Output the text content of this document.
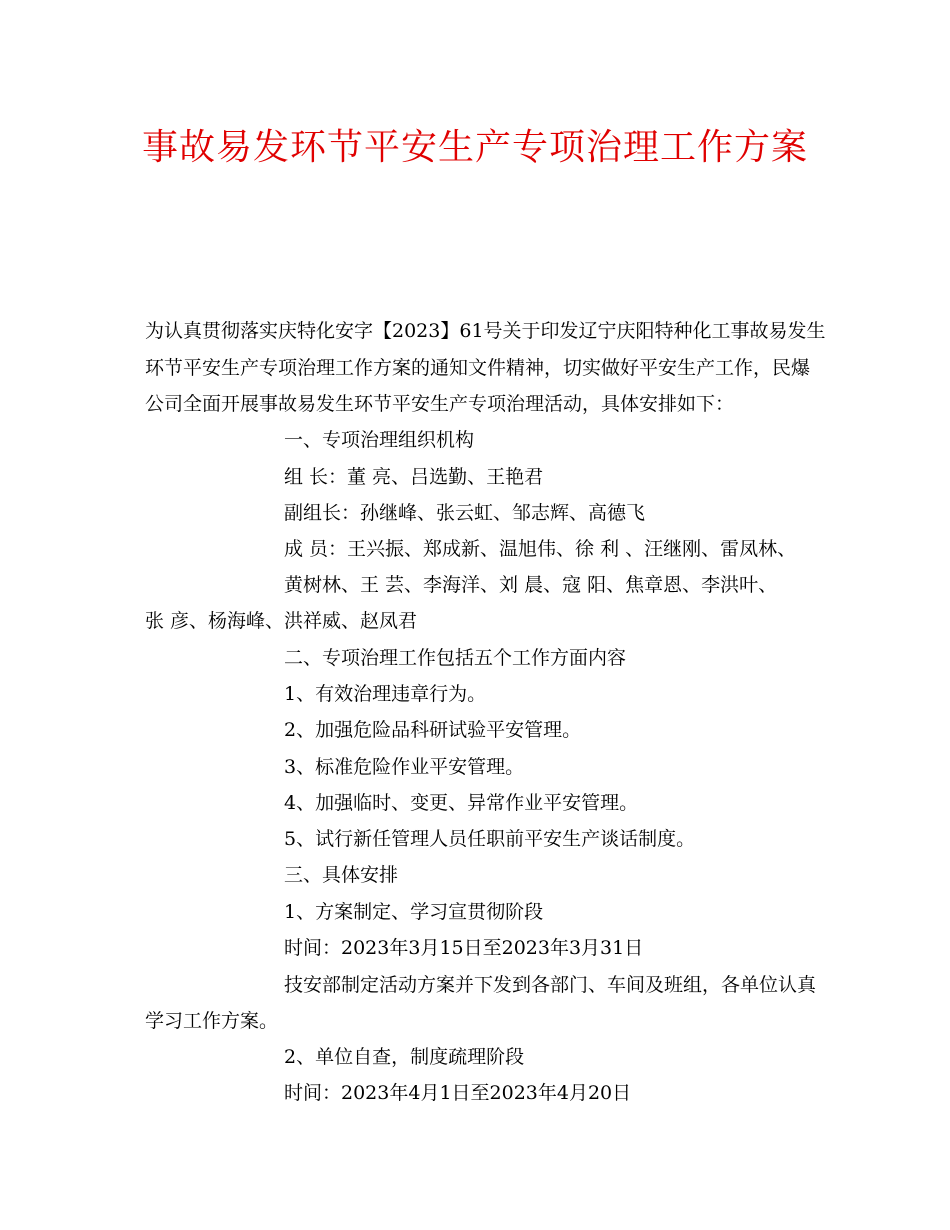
事故易发环节平安生产专项治理工作方案

为认真贯彻落实庆特化安字【2023】61号关于印发辽宁庆阳特种化工事故易发生

环节平安生产专项治理工作方案的通知文件精神，切实做好平安生产工作，民爆

公司全面开展事故易发生环节平安生产专项治理活动，具体安排如下：

一、专项治理组织机构

组 长：董 亮、吕选勤、王艳君

副组长：孙继峰、张云虹、邹志辉、高德飞

成 员：王兴振、郑成新、温旭伟、徐 利 、汪继刚、雷凤林、

黄树林、王 芸、李海洋、刘 晨、寇 阳、焦章恩、李洪叶、

张 彦、杨海峰、洪祥威、赵凤君

二、专项治理工作包括五个工作方面内容

1、有效治理违章行为。

2、加强危险品科研试验平安管理。

3、标准危险作业平安管理。

4、加强临时、变更、异常作业平安管理。

5、试行新任管理人员任职前平安生产谈话制度。

三、具体安排

1、方案制定、学习宣贯彻阶段

时间：2023年3月15日至2023年3月31日

技安部制定活动方案并下发到各部门、车间及班组，各单位认真

学习工作方案。

2、单位自查，制度疏理阶段

时间：2023年4月1日至2023年4月20日
